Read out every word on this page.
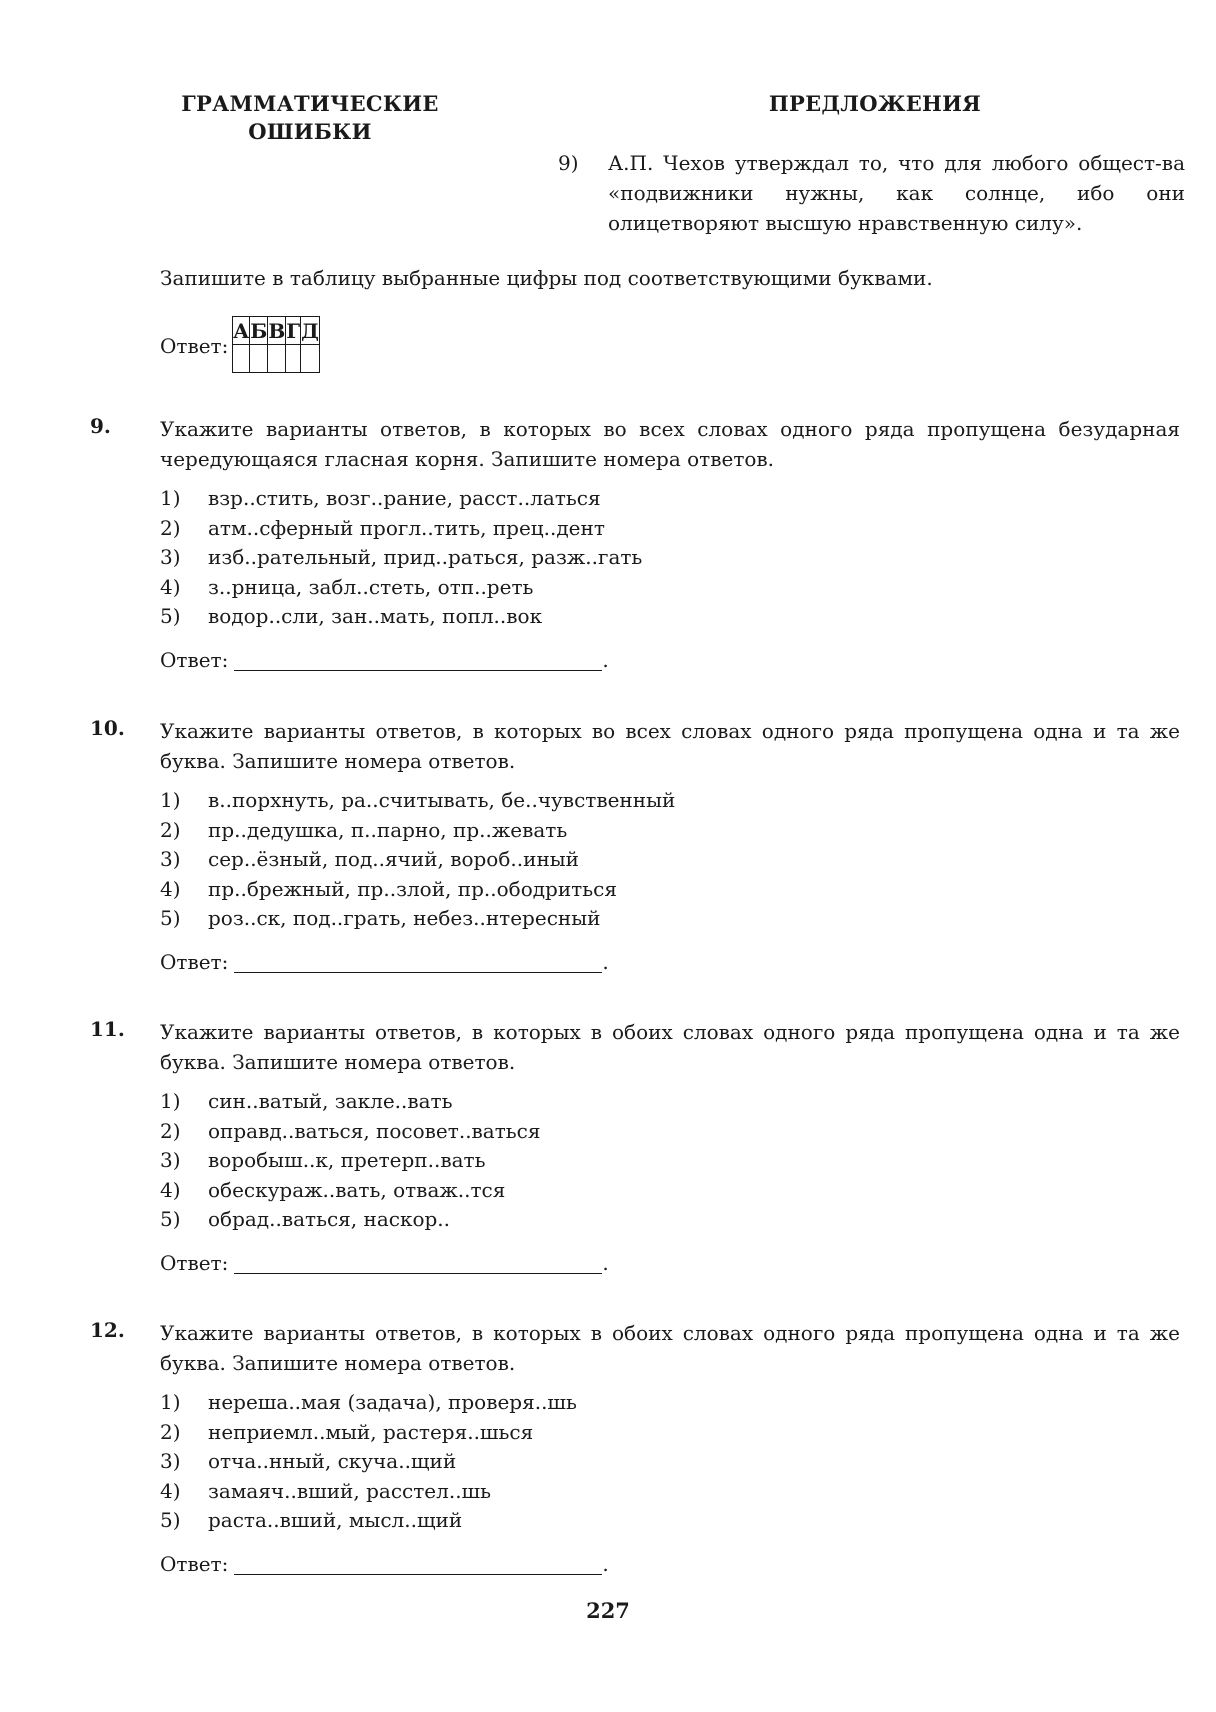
ГРАММАТИЧЕСКИЕ ОШИБКИ
ПРЕДЛОЖЕНИЯ
9) А.П. Чехов утверждал то, что для любого общест-ва «подвижники нужны, как солнце, ибо они олицетворяют высшую нравственную силу».
Запишите в таблицу выбранные цифры под соответствующими буквами.
Ответ:
А	Б	В	Г	Д

9. Укажите варианты ответов, в которых во всех словах одного ряда пропущена безударная чередующаяся гласная корня. Запишите номера ответов.
1) взр..стить, возг..рание, расст..латься
2) атм..сферный прогл..тить, прец..дент
3) изб..рательный, прид..раться, разж..гать
4) з..рница, забл..стеть, отп..реть
5) водор..сли, зан..мать, попл..вок
Ответ:	.
10. Укажите варианты ответов, в которых во всех словах одного ряда пропущена одна и та же буква. Запишите номера ответов.
1) в..порхнуть, ра..считывать, бе..чувственный
2) пр..дедушка, п..парно, пр..жевать
3) сер..ёзный, под..ячий, вороб..иный
4) пр..брежный, пр..злой, пр..ободриться
5) роз..ск, под..грать, небез..нтересный
Ответ:	.
11. Укажите варианты ответов, в которых в обоих словах одного ряда пропущена одна и та же буква. Запишите номера ответов.
1) син..ватый, закле..вать
2) оправд..ваться, посовет..ваться
3) воробыш..к, претерп..вать
4) обескураж..вать, отваж..тся
5) обрад..ваться, наскор..
Ответ:	.
12. Укажите варианты ответов, в которых в обоих словах одного ряда пропущена одна и та же буква. Запишите номера ответов.
1) нереша..мая (задача), проверя..шь
2) неприемл..мый, растеря..шься
3) отча..нный, скуча..щий
4) замаяч..вший, расстел..шь
5) раста..вший, мысл..щий
Ответ:	.
227
